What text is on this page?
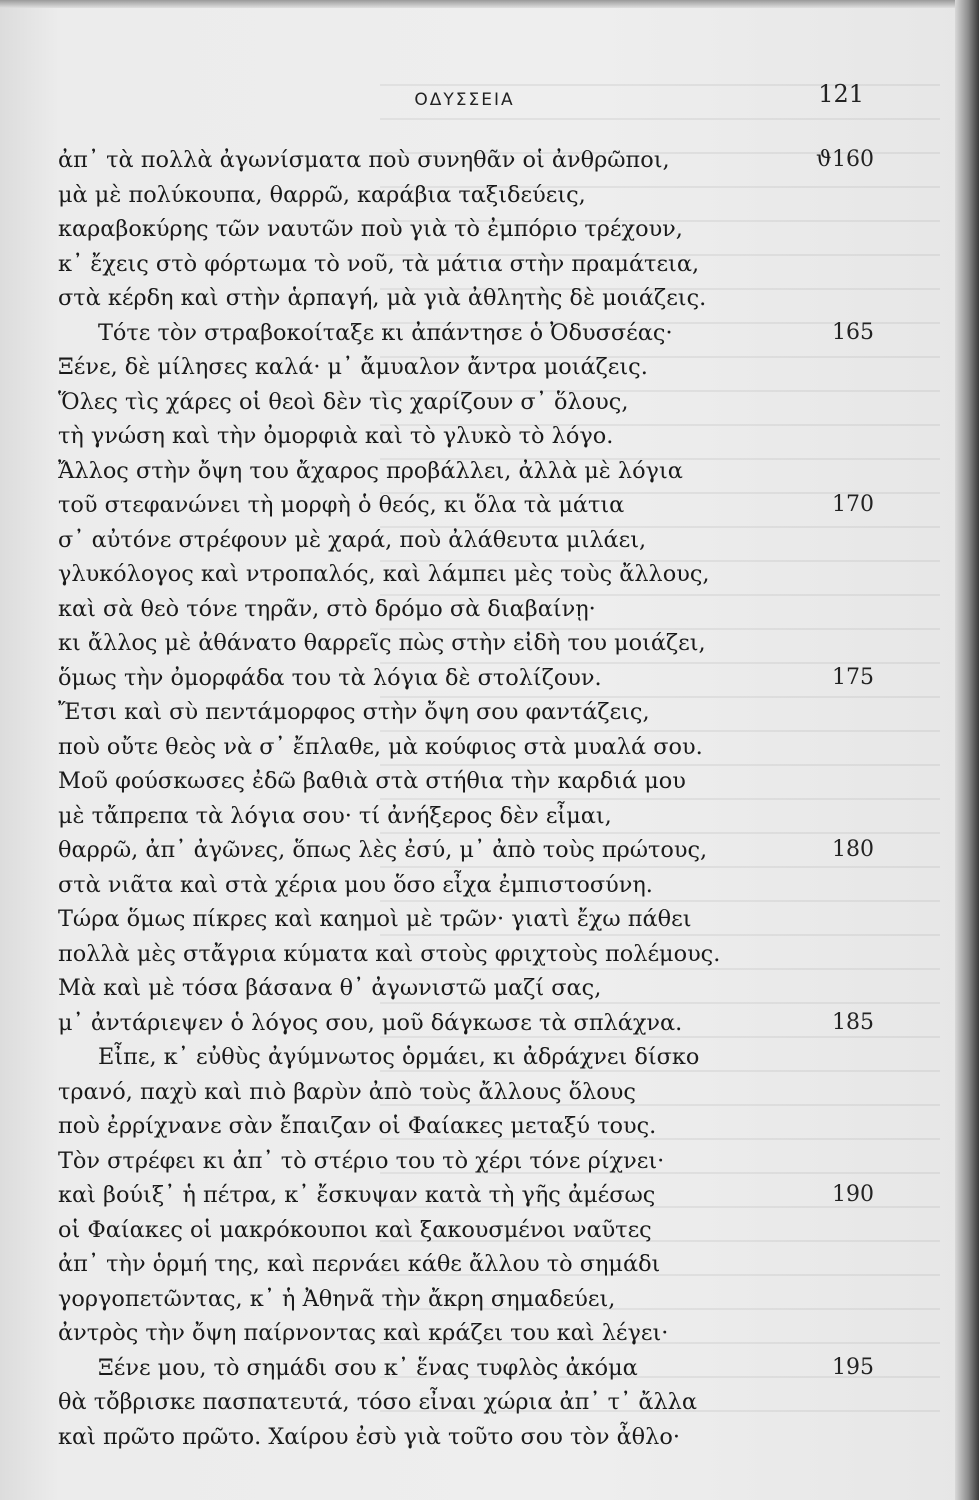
ΟΔΥΣΣΕΙΑ	121
ἀπ᾽ τὰ πολλὰ ἀγωνίσματα ποὺ συνηθᾶν οἱ ἀνθρῶποι,	ϑ 160
μὰ μὲ πολύκουπα, θαρρῶ, καράβια ταξιδεύεις,
καραβοκύρης τῶν ναυτῶν ποὺ γιὰ τὸ ἐμπόριο τρέχουν,
κ᾽ ἔχεις στὸ φόρτωμα τὸ νοῦ, τὰ μάτια στὴν πραμάτεια,
στὰ κέρδη καὶ στὴν ἁρπαγή, μὰ γιὰ ἀθλητὴς δὲ μοιάζεις.
Τότε τὸν στραβοκοίταξε κι ἀπάντησε ὁ Ὀδυσσέας·	165
Ξένε, δὲ μίλησες καλά· μ᾽ ἄμυαλον ἄντρα μοιάζεις.
Ὅλες τὶς χάρες οἱ θεοὶ δὲν τὶς χαρίζουν σ᾽ ὅλους,
τὴ γνώση καὶ τὴν ὀμορφιὰ καὶ τὸ γλυκὸ τὸ λόγο.
Ἄλλος στὴν ὄψη του ἄχαρος προβάλλει, ἀλλὰ μὲ λόγια
τοῦ στεφανώνει τὴ μορφὴ ὁ θεός, κι ὅλα τὰ μάτια	170
σ᾽ αὐτόνε στρέφουν μὲ χαρά, ποὺ ἀλάθευτα μιλάει,
γλυκόλογος καὶ ντροπαλός, καὶ λάμπει μὲς τοὺς ἄλλους,
καὶ σὰ θεὸ τόνε τηρᾶν, στὸ δρόμο σὰ διαβαίνῃ·
κι ἄλλος μὲ ἀθάνατο θαρρεῖς πὼς στὴν εἰδὴ του μοιάζει,
ὅμως τὴν ὀμορφάδα του τὰ λόγια δὲ στολίζουν.	175
Ἔτσι καὶ σὺ πεντάμορφος στὴν ὄψη σου φαντάζεις,
ποὺ οὔτε θεὸς νὰ σ᾽ ἔπλαθε, μὰ κούφιος στὰ μυαλά σου.
Μοῦ φούσκωσες ἐδῶ βαθιὰ στὰ στήθια τὴν καρδιά μου
μὲ τἄπρεπα τὰ λόγια σου· τί ἀνήξερος δὲν εἶμαι,
θαρρῶ, ἀπ᾽ ἀγῶνες, ὅπως λὲς ἐσύ, μ᾽ ἀπὸ τοὺς πρώτους,	180
στὰ νιᾶτα καὶ στὰ χέρια μου ὅσο εἶχα ἐμπιστοσύνη.
Τώρα ὅμως πίκρες καὶ καημοὶ μὲ τρῶν· γιατὶ ἔχω πάθει
πολλὰ μὲς στἄγρια κύματα καὶ στοὺς φριχτοὺς πολέμους.
Μὰ καὶ μὲ τόσα βάσανα θ᾽ ἀγωνιστῶ μαζί σας,
μ᾽ ἀντάριεψεν ὁ λόγος σου, μοῦ δάγκωσε τὰ σπλάχνα.	185
Εἶπε, κ᾽ εὐθὺς ἀγύμνωτος ὁρμάει, κι ἀδράχνει δίσκο
τρανό, παχὺ καὶ πιὸ βαρὺν ἀπὸ τοὺς ἄλλους ὅλους
ποὺ ἐρρίχνανε σὰν ἔπαιζαν οἱ Φαίακες μεταξύ τους.
Τὸν στρέφει κι ἀπ᾽ τὸ στέριο του τὸ χέρι τόνε ρίχνει·
καὶ βούιξ᾽ ἡ πέτρα, κ᾽ ἔσκυψαν κατὰ τὴ γῆς ἀμέσως	190
οἱ Φαίακες οἱ μακρόκουποι καὶ ξακουσμένοι ναῦτες
ἀπ᾽ τὴν ὁρμή της, καὶ περνάει κάθε ἄλλου τὸ σημάδι
γοργοπετῶντας, κ᾽ ἡ Ἀθηνᾶ τὴν ἄκρη σημαδεύει,
ἀντρὸς τὴν ὄψη παίρνοντας καὶ κράζει του καὶ λέγει·
Ξένε μου, τὸ σημάδι σου κ᾽ ἕνας τυφλὸς ἀκόμα	195
θὰ τὄβρισκε πασπατευτά, τόσο εἶναι χώρια ἀπ᾽ τ᾽ ἄλλα
καὶ πρῶτο πρῶτο. Χαίρου ἐσὺ γιὰ τοῦτο σου τὸν ἆθλο·
